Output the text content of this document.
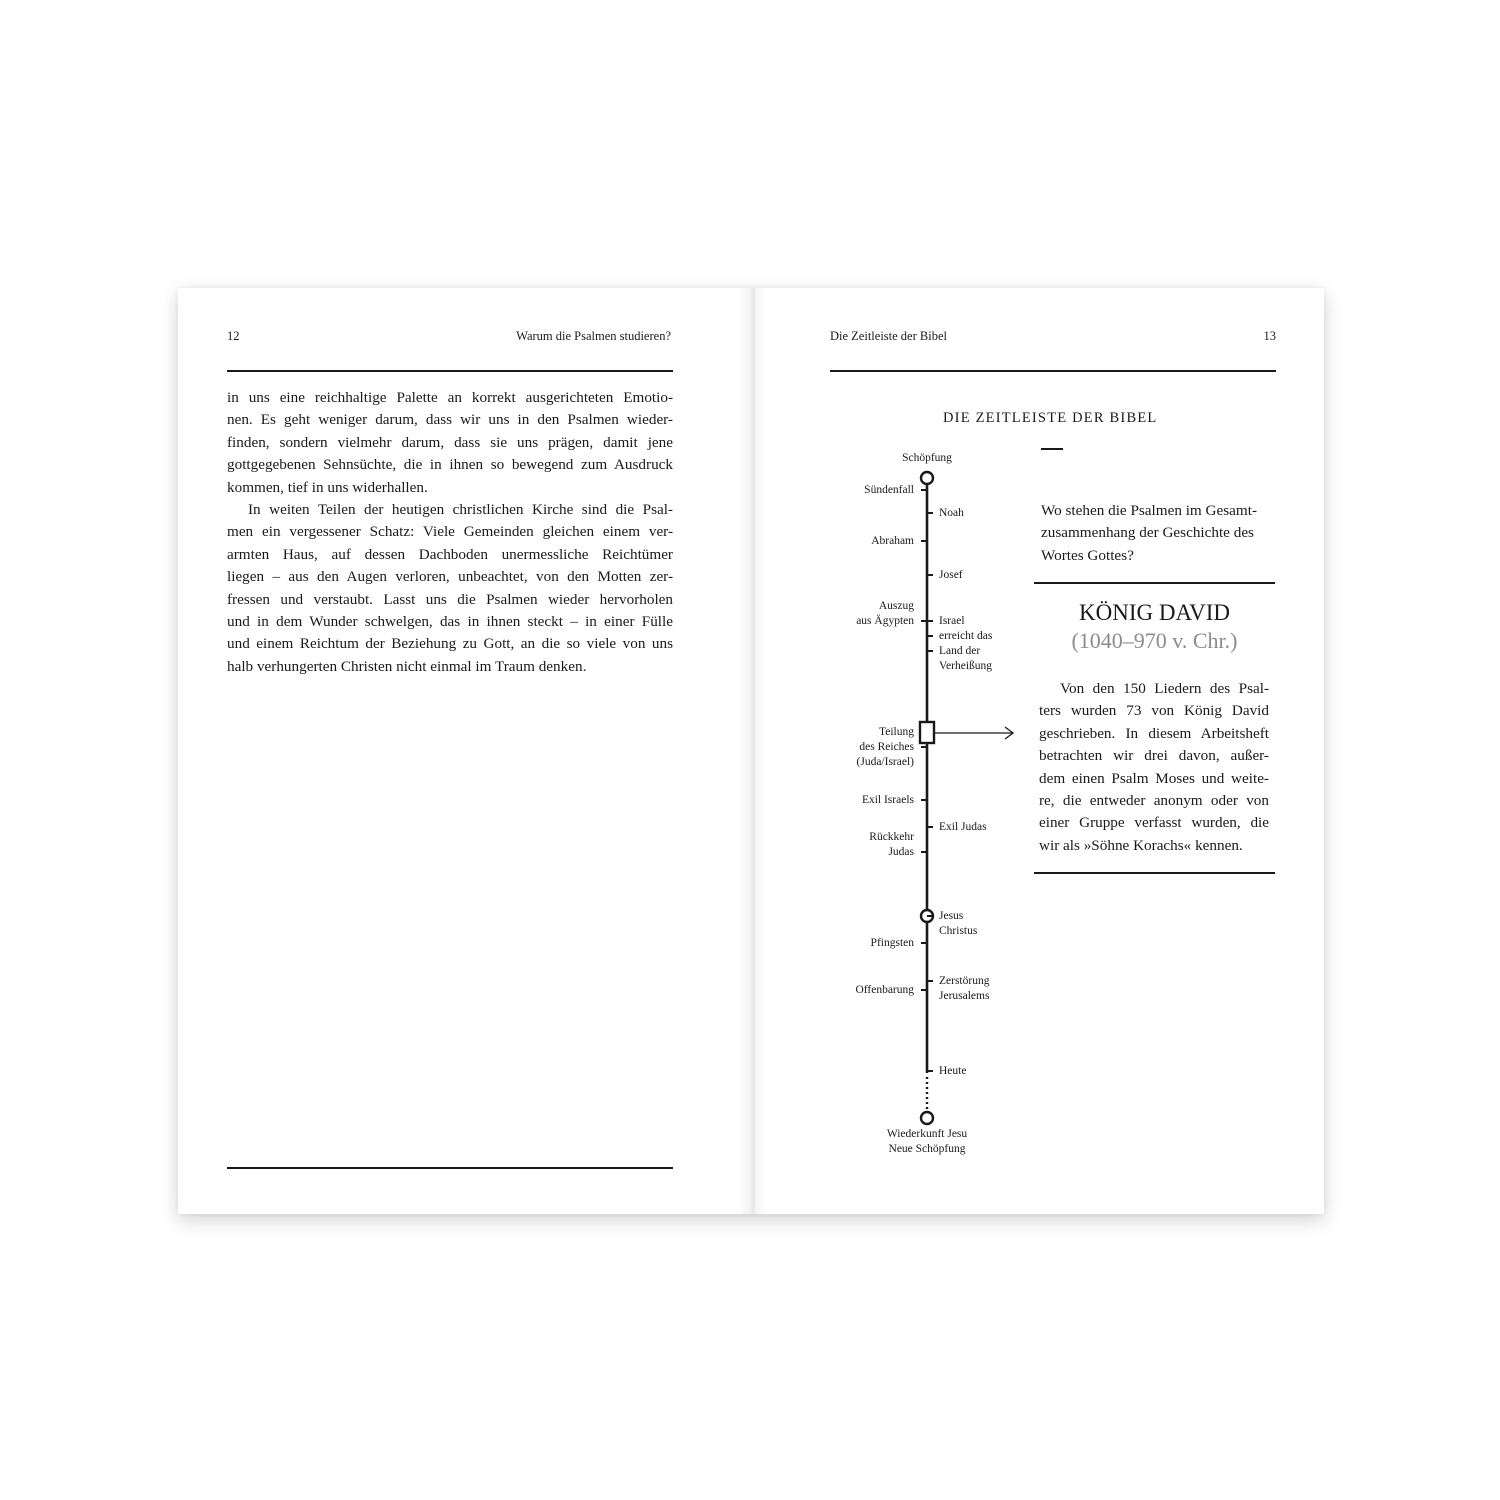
12	Warum die Psalmen studieren?

in uns eine reichhaltige Palette an korrekt ausgerichteten Emotio-

nen. Es geht weniger darum, dass wir uns in den Psalmen wieder-

finden, sondern vielmehr darum, dass sie uns prägen, damit jene

gottgegebenen Sehnsüchte, die in ihnen so bewegend zum Ausdruck

kommen, tief in uns widerhallen.

In weiten Teilen der heutigen christlichen Kirche sind die Psal-

men ein vergessener Schatz: Viele Gemeinden gleichen einem ver-

armten Haus, auf dessen Dachboden unermessliche Reichtümer

liegen – aus den Augen verloren, unbeachtet, von den Motten zer-

fressen und verstaubt. Lasst uns die Psalmen wieder hervorholen

und in dem Wunder schwelgen, das in ihnen steckt – in einer Fülle

und einem Reichtum der Beziehung zu Gott, an die so viele von uns

halb verhungerten Christen nicht einmal im Traum denken.

Die Zeitleiste der Bibel	13
DIE ZEITLEISTE DER BIBEL
Wo stehen die Psalmen im Gesamt-
zusammenhang der Geschichte des
Wortes Gottes?
KÖNIG DAVID
(1040–970 v. Chr.)

Von den 150 Liedern des Psal-
ters wurden 73 von König David
geschrieben. In diesem Arbeitsheft
betrachten wir drei davon, außer-
dem einen Psalm Moses und weite-
re, die entweder anonym oder von
einer Gruppe verfasst wurden, die
wir als »Söhne Korachs« kennen.

Schöpfung
Wiederkunft Jesu
Neue Schöpfung
Sündenfall
Abraham
Auszug
aus Ägypten
Teilung
des Reiches
(Juda/Israel)
Exil Israels
Rückkehr
Judas
Pfingsten
Offenbarung
Noah
Josef
Israel
erreicht das
Land der
Verheißung
Exil Judas
Jesus
Christus
Zerstörung
Jerusalems
Heute
